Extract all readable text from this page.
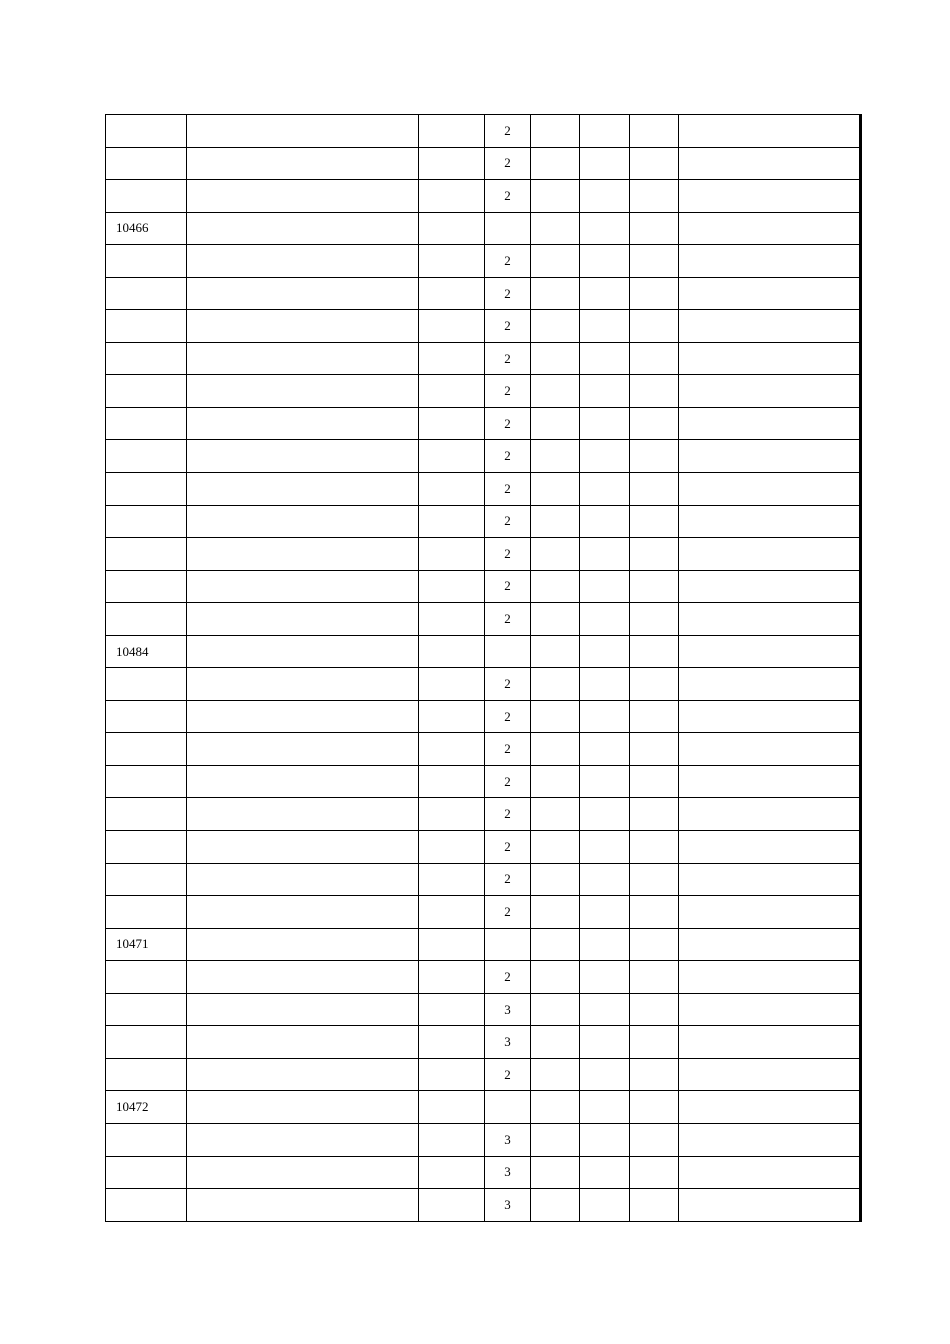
			2				
			2				
			2				
10466							
			2				
			2				
			2				
			2				
			2				
			2				
			2				
			2				
			2				
			2				
			2				
			2				
10484							
			2				
			2				
			2				
			2				
			2				
			2				
			2				
			2				
10471							
			2				
			3				
			3				
			2				
10472							
			3				
			3				
			3				
